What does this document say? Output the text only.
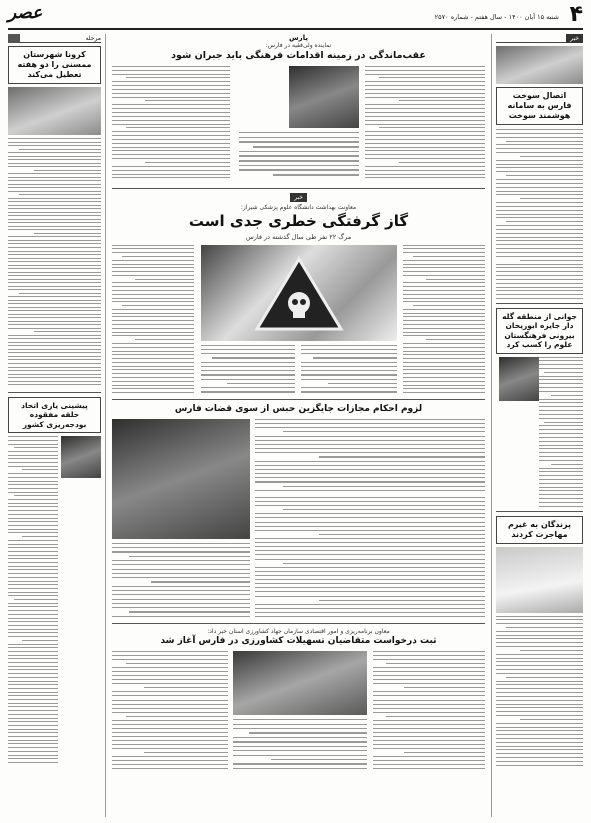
۴
شنبه ۱۵ آبان ۱۴۰۰ - سال هفتم - شماره ۲۵۷۰
عصر
خبر
اتصال سوخت فارس به سامانه هوشمند سوخت
جوانی از منطقه گله دار جایزه ابوریحان بیرونی فرهنگستان علوم را کسب کرد
پرندگان به غیرم مهاجرت کردند
مرحله

کرونا شهرستان ممسنی را دو هفته تعطیل می‌کند
پیشینی یاری اتحاد حلقه مفقوده بودجه‌ریزی کشور
پارس
نماینده ولی‌فقیه در فارس:
عقب‌ماندگی در زمینه اقدامات فرهنگی باید جبران شود
خبر
معاونت بهداشت دانشگاه علوم پزشکی شیراز:
گاز گرفتگی خطری جدی است
مرگ ۲۲ نفر طی سال گذشته در فارس
لزوم احکام مجازات جایگزین حبس از سوی قضات فارس
معاون برنامه‌ریزی و امور اقتصادی سازمان جهاد کشاورزی استان خبر داد:
ثبت درخواست متقاضیان تسهیلات کشاورزی در فارس آغاز شد
